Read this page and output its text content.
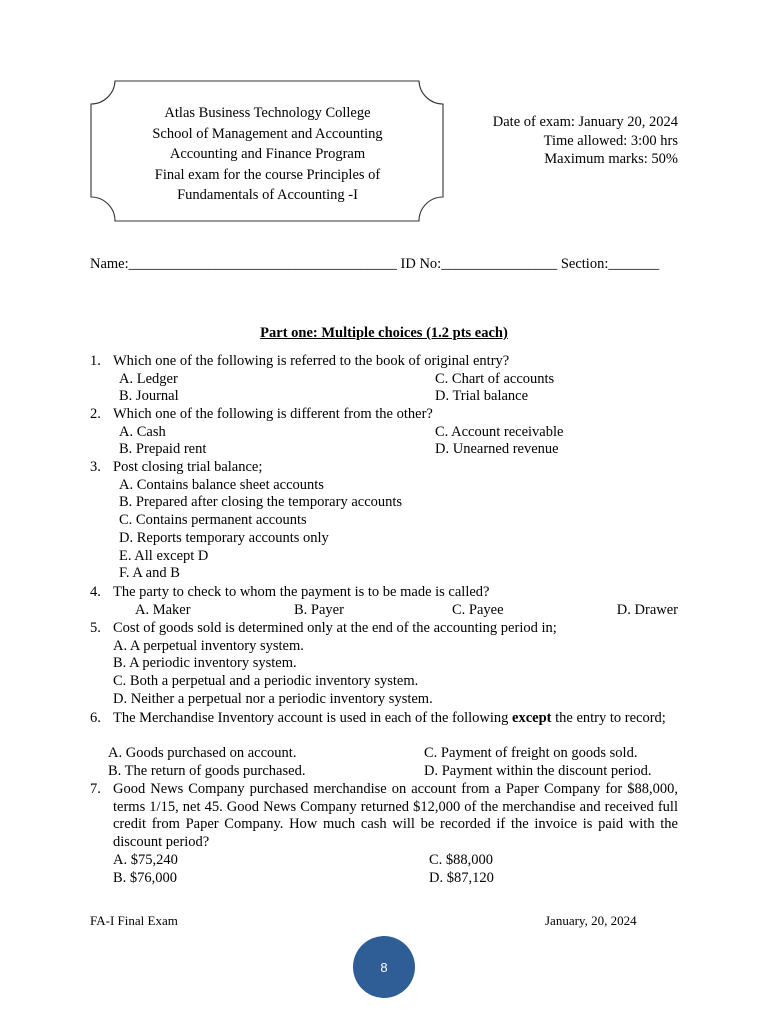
Atlas Business Technology College
School of Management and Accounting
Accounting and Finance Program
Final exam for the course Principles of
Fundamentals of Accounting -I
Date of exam: January 20, 2024
Time allowed: 3:00 hrs
Maximum marks: 50%
Name:_____________________________________ ID No:________________ Section:_______
Part one: Multiple choices (1.2 pts each)
1. Which one of the following is referred to the book of original entry?
A. Ledger
B. Journal
C. Chart of accounts
D. Trial balance
2. Which one of the following is different from the other?
A. Cash
B. Prepaid rent
C. Account receivable
D. Unearned revenue
3. Post closing trial balance;
A. Contains balance sheet accounts
B. Prepared after closing the temporary accounts
C. Contains permanent accounts
D. Reports temporary accounts only
E. All except D
F. A and B
4. The party to check to whom the payment is to be made is called?
A. Maker	B. Payer	C. Payee	D. Drawer
5. Cost of goods sold is determined only at the end of the accounting period in;
A. A perpetual inventory system.
B. A periodic inventory system.
C. Both a perpetual and a periodic inventory system.
D. Neither a perpetual nor a periodic inventory system.
6. The Merchandise Inventory account is used in each of the following except the entry to record;
A. Goods purchased on account.
B. The return of goods purchased.
C. Payment of freight on goods sold.
D. Payment within the discount period.
7. Good News Company purchased merchandise on account from a Paper Company for $88,000, terms 1/15, net 45. Good News Company returned $12,000 of the merchandise and received full credit from Paper Company. How much cash will be recorded if the invoice is paid with the discount period?
A. $75,240
B. $76,000
C. $88,000
D. $87,120
FA-I Final Exam	January, 20, 2024
8
